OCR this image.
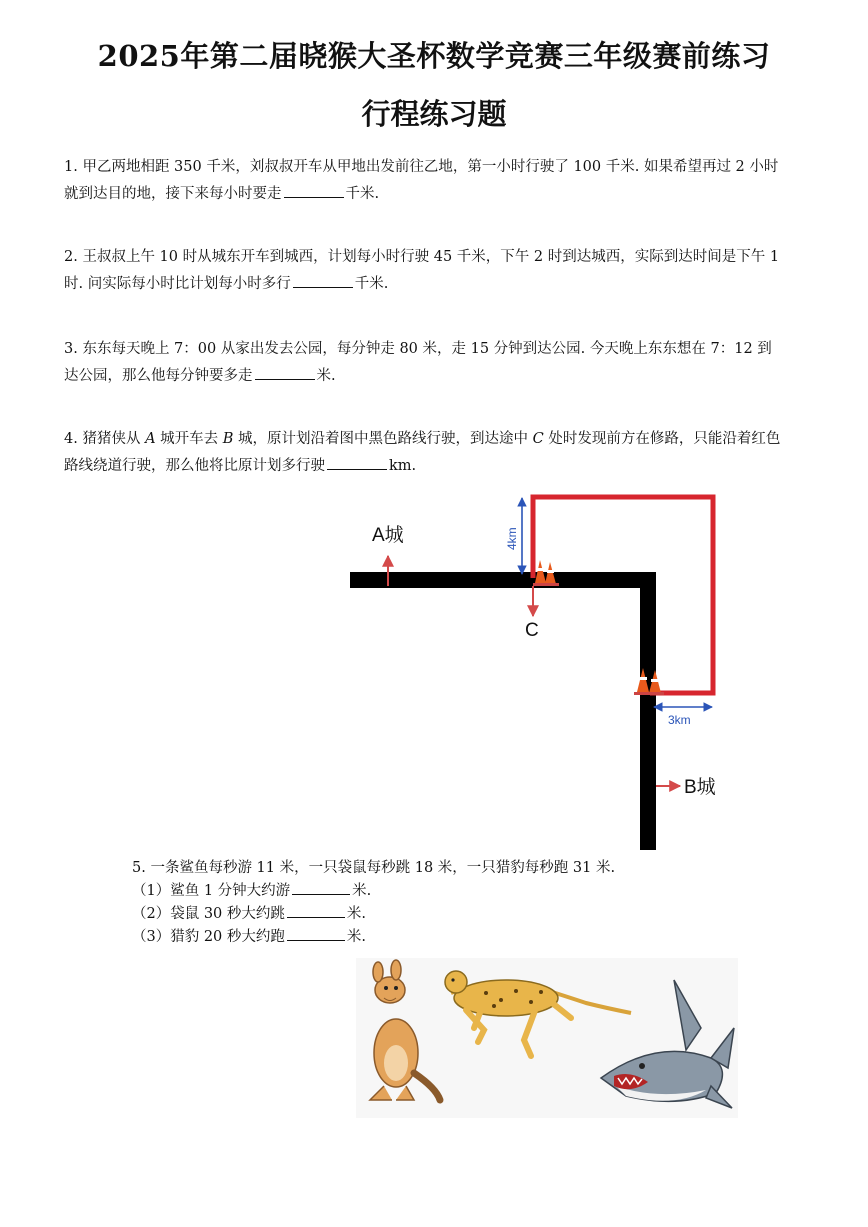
2025年第二届晓猴大圣杯数学竞赛三年级赛前练习
行程练习题
1. 甲乙两地相距 350 千米，刘叔叔开车从甲地出发前往乙地，第一小时行驶了 100 千米. 如果希望再过 2 小时就到达目的地，接下来每小时要走	千米.
2. 王叔叔上午 10 时从城东开车到城西，计划每小时行驶 45 千米，下午 2 时到达城西，实际到达时间是下午 1 时. 问实际每小时比计划每小时多行	千米.
3. 东东每天晚上 7：00 从家出发去公园，每分钟走 80 米，走 15 分钟到达公园. 今天晚上东东想在 7：12 到达公园，那么他每分钟要多走	米.
4. 猪猪侠从 A 城开车去 B 城，原计划沿着图中黑色路线行驶，到达途中 C 处时发现前方在修路，只能沿着红色路线绕道行驶，那么他将比原计划多行驶	km.
A城
C
B城
4km
3km
5. 一条鲨鱼每秒游 11 米，一只袋鼠每秒跳 18 米，一只猎豹每秒跑 31 米.
（1）鲨鱼 1 分钟大约游	米.
（2）袋鼠 30 秒大约跳	米.
（3）猎豹 20 秒大约跑	米.
